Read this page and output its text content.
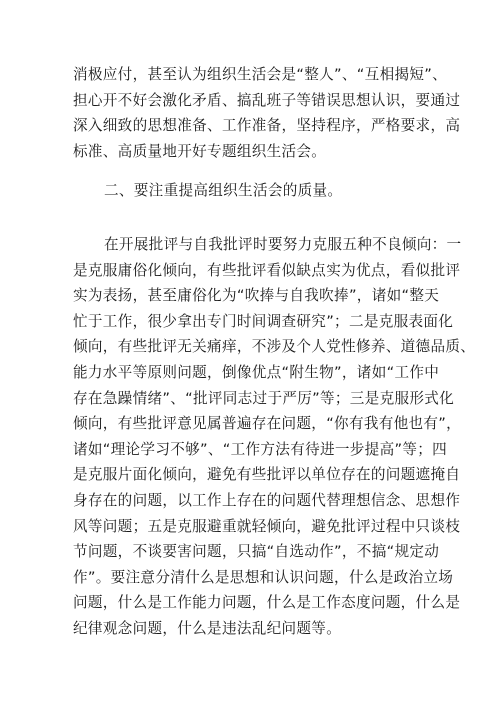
消极应付，甚至认为组织生活会是“整人”、“互相揭短”、
担心开不好会激化矛盾、搞乱班子等错误思想认识，要通过
深入细致的思想准备、工作准备，坚持程序，严格要求，高
标准、高质量地开好专题组织生活会。
二、要注重提高组织生活会的质量。
在开展批评与自我批评时要努力克服五种不良倾向：一
是克服庸俗化倾向，有些批评看似缺点实为优点，看似批评
实为表扬，甚至庸俗化为“吹捧与自我吹捧”，诸如“整天
忙于工作，很少拿出专门时间调查研究”；二是克服表面化
倾向，有些批评无关痛痒，不涉及个人党性修养、道德品质、
能力水平等原则问题，倒像优点“附生物”，诸如“工作中
存在急躁情绪”、“批评同志过于严厉”等；三是克服形式化
倾向，有些批评意见属普遍存在问题，“你有我有他也有”，
诸如“理论学习不够”、“工作方法有待进一步提高”等；四
是克服片面化倾向，避免有些批评以单位存在的问题遮掩自
身存在的问题，以工作上存在的问题代替理想信念、思想作
风等问题；五是克服避重就轻倾向，避免批评过程中只谈枝
节问题，不谈要害问题，只搞“自选动作”，不搞“规定动
作”。要注意分清什么是思想和认识问题，什么是政治立场
问题，什么是工作能力问题，什么是工作态度问题，什么是
纪律观念问题，什么是违法乱纪问题等。
